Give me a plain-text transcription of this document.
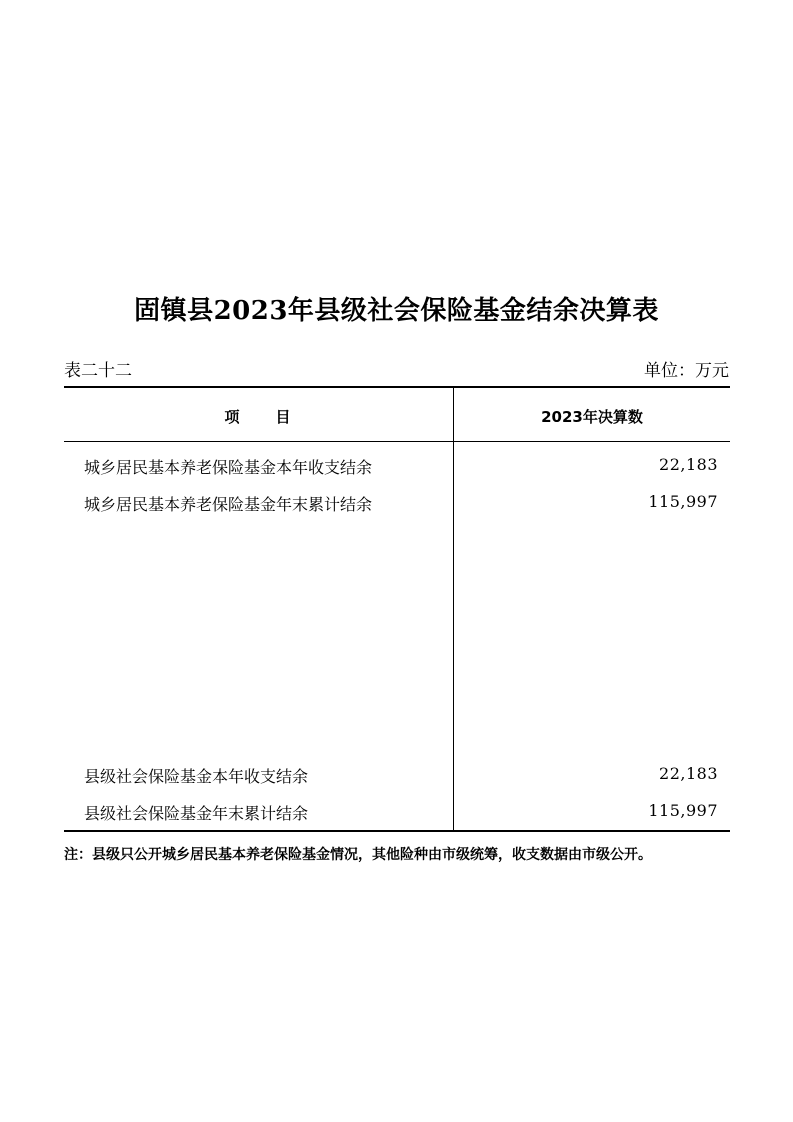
固镇县2023年县级社会保险基金结余决算表
表二十二	单位：万元
项　　目	2023年决算数
城乡居民基本养老保险基金本年收支结余	22,183
城乡居民基本养老保险基金年末累计结余	115,997
县级社会保险基金本年收支结余	22,183
县级社会保险基金年末累计结余	115,997
注：县级只公开城乡居民基本养老保险基金情况，其他险种由市级统筹，收支数据由市级公开。
